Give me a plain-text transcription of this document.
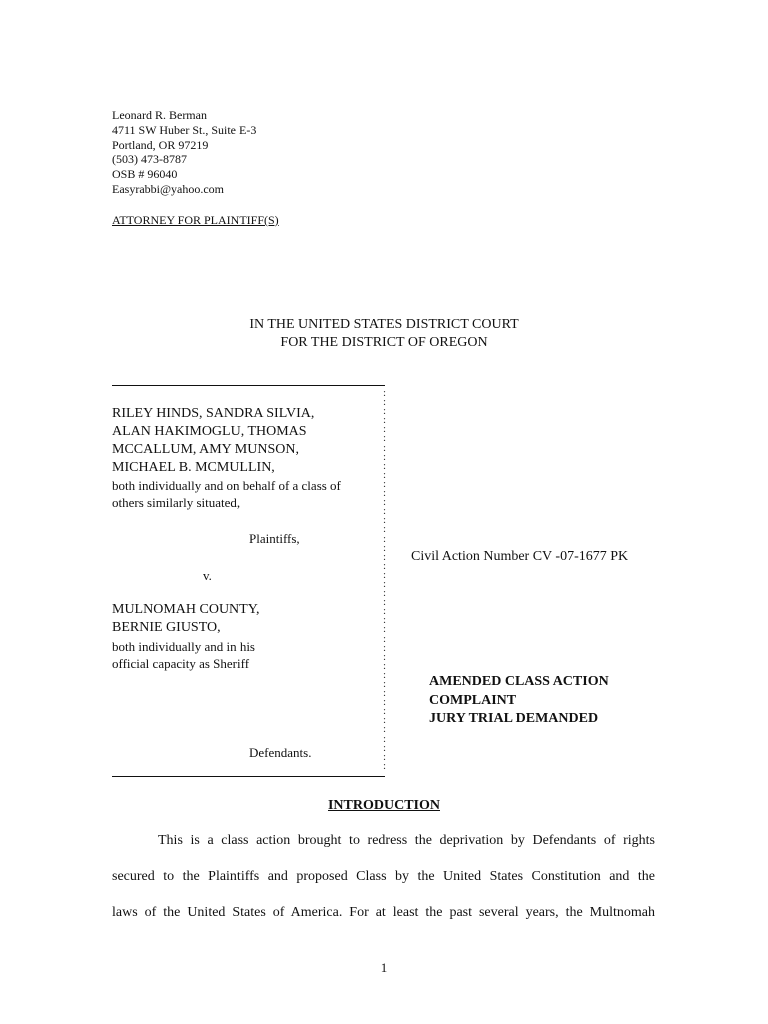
Leonard R. Berman
4711 SW Huber St., Suite E-3
Portland, OR 97219
(503) 473-8787
OSB # 96040
Easyrabbi@yahoo.com
ATTORNEY FOR PLAINTIFF(S)
IN THE UNITED STATES DISTRICT COURT
FOR THE DISTRICT OF OREGON
:
:
:
:
:
:
:
:
:
:
:
:
:
:
:
:
:
:
:
:
:
:
:
:
:
:
:
:
:
:
:
:
:
:
:
:
:
:
:
:
:
:
RILEY HINDS, SANDRA SILVIA,
ALAN HAKIMOGLU, THOMAS
MCCALLUM, AMY MUNSON,
MICHAEL B. MCMULLIN,
both individually and on behalf of a class of
others similarly situated,
Plaintiffs,
v.
MULNOMAH COUNTY,
BERNIE GIUSTO,
both individually and in his
official capacity as Sheriff
Defendants.
Civil Action Number CV -07-1677 PK
AMENDED CLASS ACTION
COMPLAINT
JURY TRIAL DEMANDED
INTRODUCTION
This is a class action brought to redress the deprivation by Defendants of rights
secured to the Plaintiffs and proposed Class by the United States Constitution and the
laws of the United States of America. For at least the past several years, the Multnomah
1
